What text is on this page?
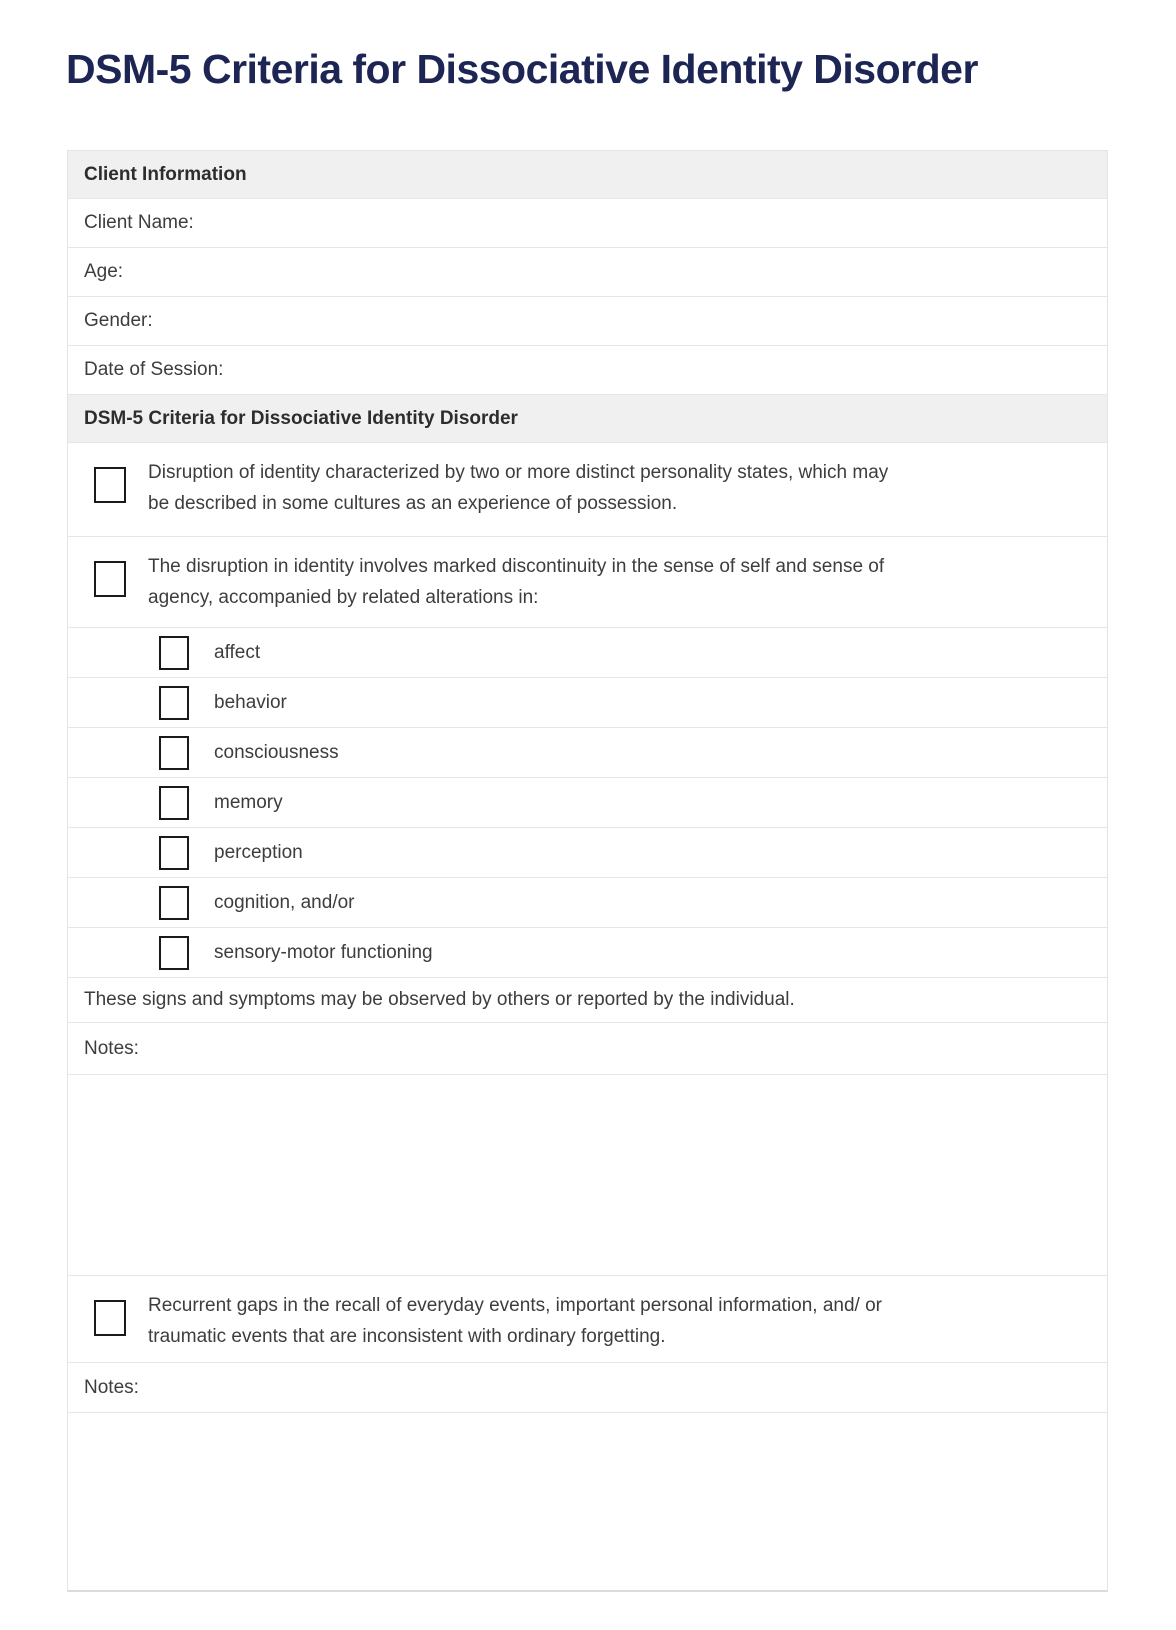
DSM-5 Criteria for Dissociative Identity Disorder
Client Information
Client Name:
Age:
Gender:
Date of Session:
DSM-5 Criteria for Dissociative Identity Disorder
Disruption of identity characterized by two or more distinct personality states, which may
be described in some cultures as an experience of possession.
The disruption in identity involves marked discontinuity in the sense of self and sense of
agency, accompanied by related alterations in:
affect
behavior
consciousness
memory
perception
cognition, and/or
sensory-motor functioning
These signs and symptoms may be observed by others or reported by the individual.
Notes:
Recurrent gaps in the recall of everyday events, important personal information, and/ or
traumatic events that are inconsistent with ordinary forgetting.
Notes:
